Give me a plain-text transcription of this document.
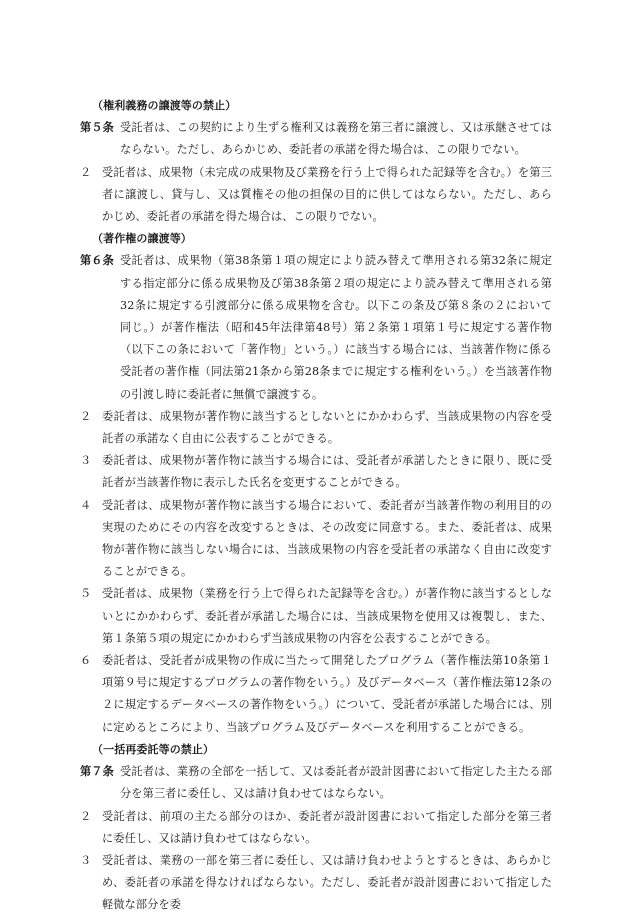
（権利義務の譲渡等の禁止）
第５条 受託者は、この契約により生ずる権利又は義務を第三者に譲渡し、又は承継させてはならない。ただし、あらかじめ、委託者の承諾を得た場合は、この限りでない。
２ 受託者は、成果物（未完成の成果物及び業務を行う上で得られた記録等を含む。）を第三者に譲渡し、貸与し、又は質権その他の担保の目的に供してはならない。ただし、あらかじめ、委託者の承諾を得た場合は、この限りでない。
（著作権の譲渡等）
第６条 受託者は、成果物（第38条第１項の規定により読み替えて準用される第32条に規定する指定部分に係る成果物及び第38条第２項の規定により読み替えて準用される第32条に規定する引渡部分に係る成果物を含む。以下この条及び第８条の２において同じ。）が著作権法（昭和45年法律第48号）第２条第１項第１号に規定する著作物（以下この条において「著作物」という。）に該当する場合には、当該著作物に係る受託者の著作権（同法第21条から第28条までに規定する権利をいう。）を当該著作物の引渡し時に委託者に無償で譲渡する。
２ 委託者は、成果物が著作物に該当するとしないとにかかわらず、当該成果物の内容を受託者の承諾なく自由に公表することができる。
３ 委託者は、成果物が著作物に該当する場合には、受託者が承諾したときに限り、既に受託者が当該著作物に表示した氏名を変更することができる。
４ 受託者は、成果物が著作物に該当する場合において、委託者が当該著作物の利用目的の実現のためにその内容を改変するときは、その改変に同意する。また、委託者は、成果物が著作物に該当しない場合には、当該成果物の内容を受託者の承諾なく自由に改変することができる。
５ 受託者は、成果物（業務を行う上で得られた記録等を含む。）が著作物に該当するとしないとにかかわらず、委託者が承諾した場合には、当該成果物を使用又は複製し、また、第１条第５項の規定にかかわらず当該成果物の内容を公表することができる。
６ 委託者は、受託者が成果物の作成に当たって開発したプログラム（著作権法第10条第１項第９号に規定するプログラムの著作物をいう。）及びデータベース（著作権法第12条の２に規定するデータベースの著作物をいう。）について、受託者が承諾した場合には、別に定めるところにより、当該プログラム及びデータベースを利用することができる。
（一括再委託等の禁止）
第７条 受託者は、業務の全部を一括して、又は委託者が設計図書において指定した主たる部分を第三者に委任し、又は請け負わせてはならない。
２ 受託者は、前項の主たる部分のほか、委託者が設計図書において指定した部分を第三者に委任し、又は請け負わせてはならない。
３ 受託者は、業務の一部を第三者に委任し、又は請け負わせようとするときは、あらかじめ、委託者の承諾を得なければならない。ただし、委託者が設計図書において指定した軽微な部分を委
